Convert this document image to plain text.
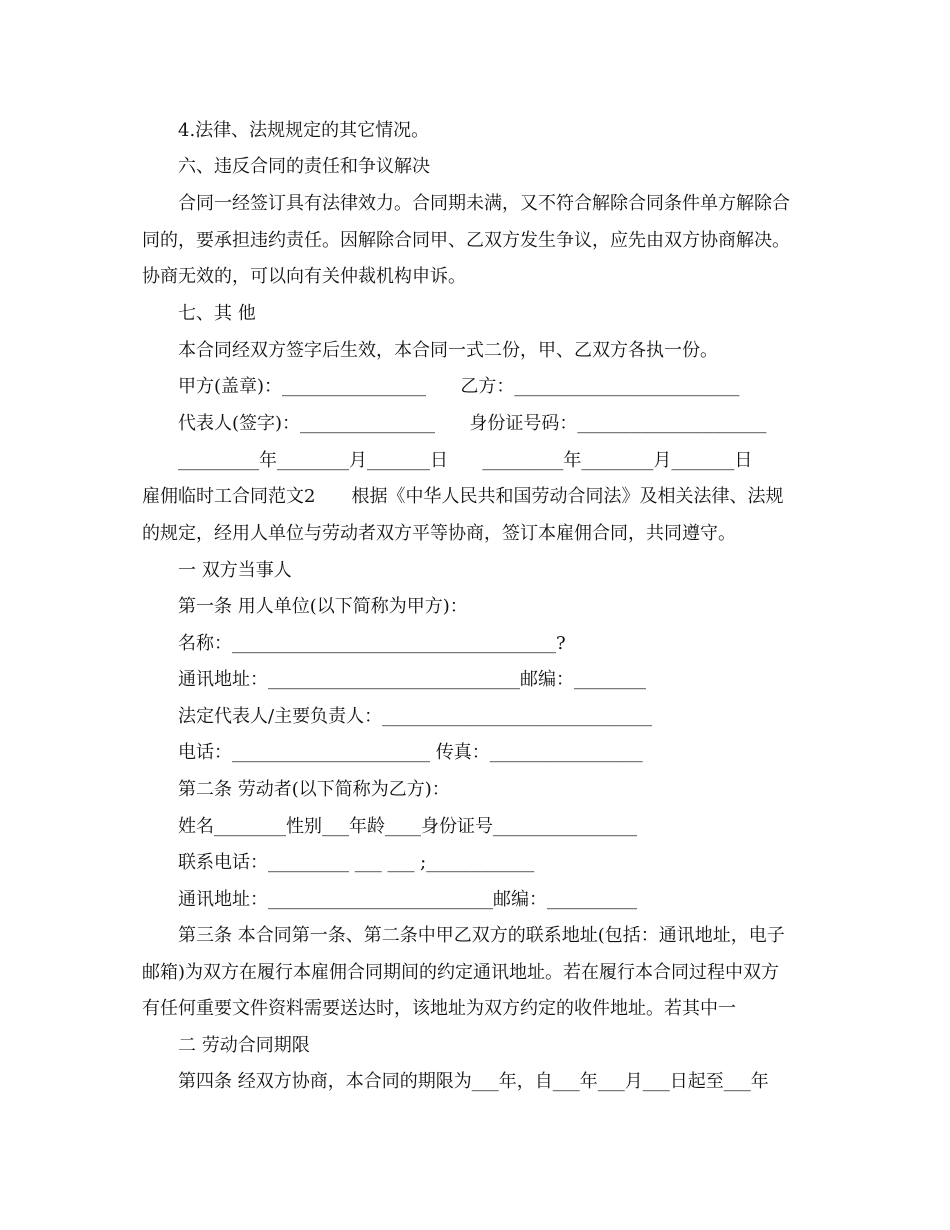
4.法律、法规规定的其它情况。
六、违反合同的责任和争议解决
合同一经签订具有法律效力。合同期未满，又不符合解除合同条件单方解除合
同的，要承担违约责任。因解除合同甲、乙双方发生争议，应先由双方协商解决。
协商无效的，可以向有关仲裁机构申诉。
七、其 他
本合同经双方签字后生效，本合同一式二份，甲、乙双方各执一份。
甲方(盖章)：________________      乙方：_________________________
代表人(签字)：_______________      身份证号码：_____________________
_________年________月_______日      _________年________月_______日
雇佣临时工合同范文2　　根据《中华人民共和国劳动合同法》及相关法律、法规
的规定，经用人单位与劳动者双方平等协商，签订本雇佣合同，共同遵守。
一 双方当事人
第一条 用人单位(以下简称为甲方)：
名称：____________________________________?
通讯地址：____________________________邮编：________
法定代表人/主要负责人：______________________________
电话：______________________ 传真：_________________
第二条 劳动者(以下简称为乙方)：
姓名________性别___年龄____身份证号________________
联系电话：_________ ___ ___ ;____________
通讯地址：_________________________邮编：__________
第三条 本合同第一条、第二条中甲乙双方的联系地址(包括：通讯地址，电子
邮箱)为双方在履行本雇佣合同期间的约定通讯地址。若在履行本合同过程中双方
有任何重要文件资料需要送达时，该地址为双方约定的收件地址。若其中一
二 劳动合同期限
第四条 经双方协商，本合同的期限为___年，自___年___月___日起至___年
